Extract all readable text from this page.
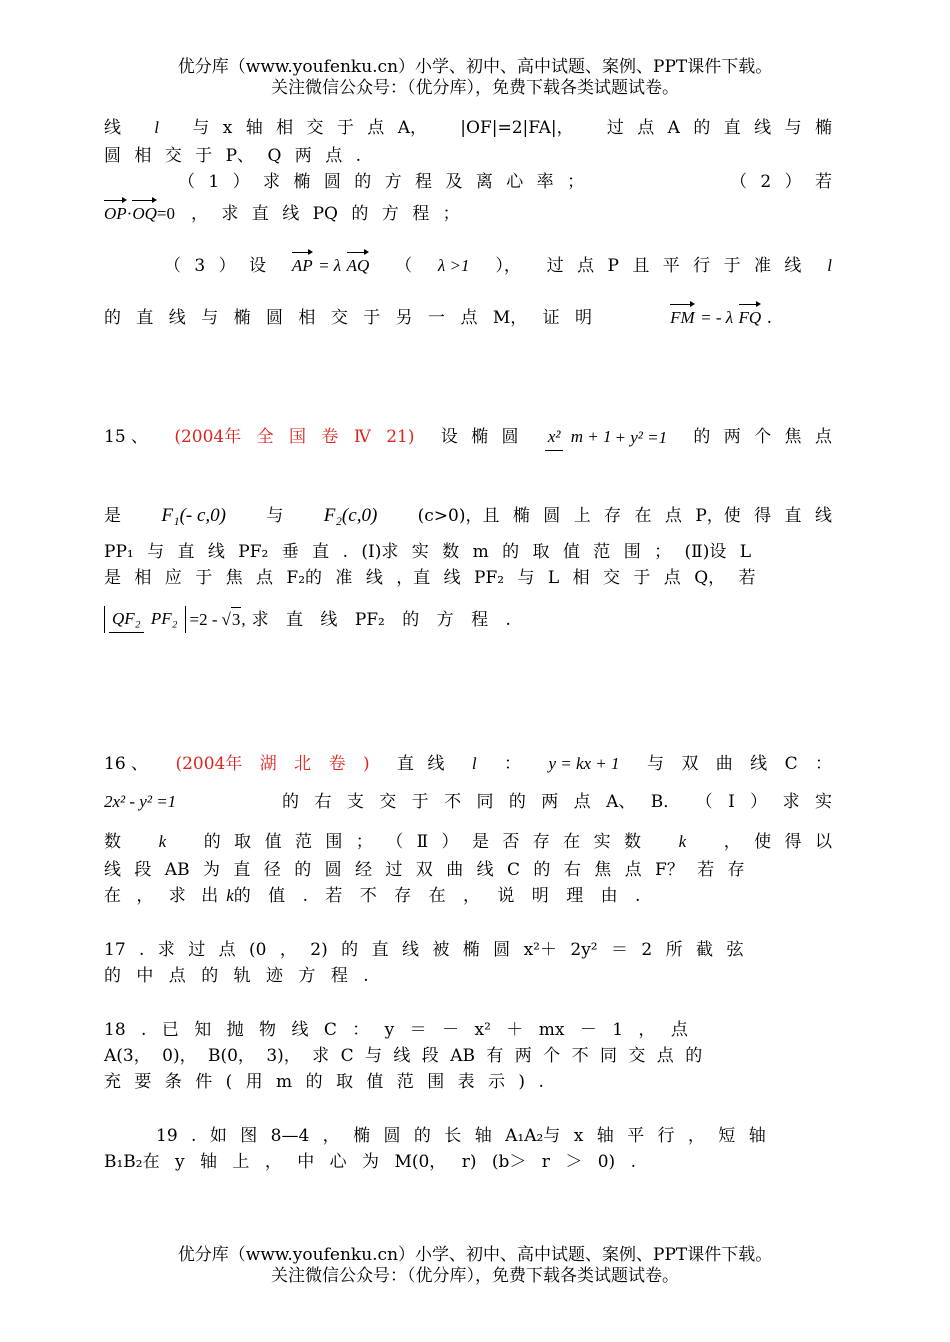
优分库（www.youfenku.cn）小学、初中、高中试题、案例、PPT课件下载。
关注微信公众号：（优分库），免费下载各类试题试卷。
线 l 与 x 轴 相 交 于 点 A， |OF|=2|FA|， 过 点 A 的 直 线 与 椭
圆 相 交 于 P、 Q 两 点 .
（ 1 ） 求 椭 圆 的 方 程 及 离 心 率 ；	（ 2 ） 若
OP · OQ =0 ， 求 直 线 PQ 的 方 程 ；
（ 3 ） 设 AP = λ AQ （ λ >1 ）， 过 点 P 且 平 行 于 准 线 l
的 直 线 与 椭 圆 相 交 于 另 一 点 M， 证 明	FM = - λ FQ .
15 、 (2004年 全 国 卷 Ⅳ 21) 设 椭 圆 x² m + 1 + y² =1 的 两 个 焦 点
是 F₁(- c,0) 与 F₂(c,0) (c>0)，且 椭 圆 上 存 在 点 P，使 得 直 线
PP₁ 与 直 线 PF₂ 垂 直 . (Ⅰ)求 实 数 m 的 取 值 范 围 ； (Ⅱ)设 L
是 相 应 于 焦 点 F₂的 准 线 ，直 线 PF₂ 与 L 相 交 于 点 Q， 若
QF₂ PF₂ =2 - √ 3 , 求 直 线 PF₂ 的 方 程 .
16 、 (2004年 湖 北 卷 ) 直 线 l ： y = kx + 1 与 双 曲 线 C ：
2x² - y² =1	的 右 支 交 于 不 同 的 两 点 A、 B． （ Ⅰ ） 求 实
数 k 的 取 值 范 围 ； （ Ⅱ ） 是 否 存 在 实 数 k ， 使 得 以
线 段 AB 为 直 径 的 圆 经 过 双 曲 线 C 的 右 焦 点 F？ 若 存
在 ， 求 出 k 的 值 . 若 不 存 在 ， 说 明 理 由 .
17 . 求 过 点 (0 ， 2) 的 直 线 被 椭 圆 x²＋ 2y² ＝ 2 所 截 弦
的 中 点 的 轨 迹 方 程 .
18 . 已 知 抛 物 线 C ： y ＝ － x² ＋ mx － 1 ， 点
A(3， 0)， B(0， 3)， 求 C 与 线 段 AB 有 两 个 不 同 交 点 的
充 要 条 件 ( 用 m 的 取 值 范 围 表 示 ) .
19 . 如 图 8—4 ， 椭 圆 的 长 轴 A₁A₂与 x 轴 平 行 ， 短 轴
B₁B₂在 y 轴 上 ， 中 心 为 M(0， r) (b＞ r ＞ 0) .
优分库（www.youfenku.cn）小学、初中、高中试题、案例、PPT课件下载。
关注微信公众号：（优分库），免费下载各类试题试卷。
